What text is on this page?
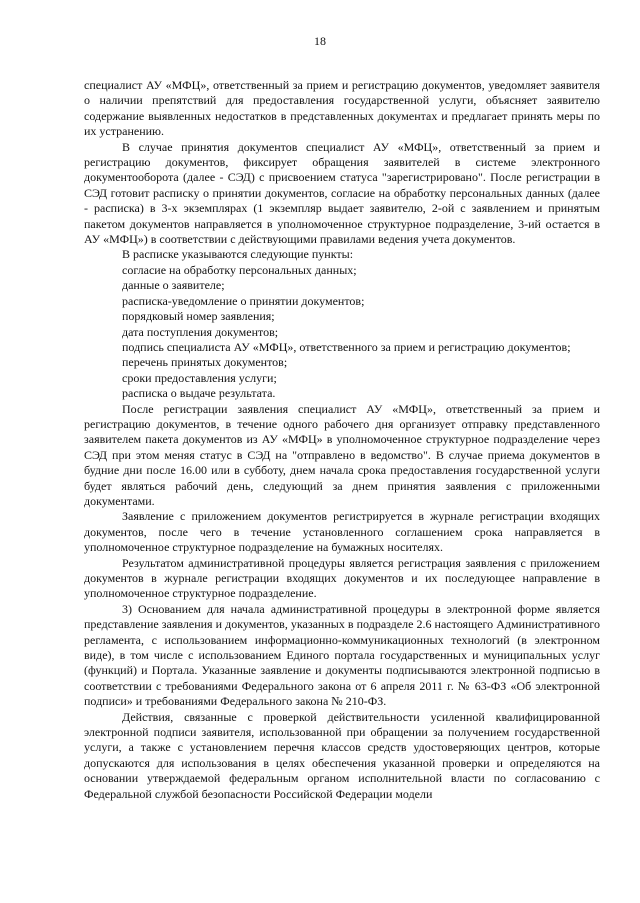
18

специалист АУ «МФЦ», ответственный за прием и регистрацию документов, уведомляет заявителя о наличии препятствий для предоставления государственной услуги, объясняет заявителю содержание выявленных недостатков в представленных документах и предлагает принять меры по их устранению.

В случае принятия документов специалист АУ «МФЦ», ответственный за прием и регистрацию документов, фиксирует обращения заявителей в системе электронного документооборота (далее - СЭД) с присвоением статуса "зарегистрировано". После регистрации в СЭД готовит расписку о принятии документов, согласие на обработку персональных данных (далее - расписка) в 3-х экземплярах (1 экземпляр выдает заявителю, 2-ой с заявлением и принятым пакетом документов направляется в уполномоченное структурное подразделение, 3-ий остается в АУ «МФЦ») в соответствии с действующими правилами ведения учета документов.

В расписке указываются следующие пункты:

согласие на обработку персональных данных;

данные о заявителе;

расписка-уведомление о принятии документов;

порядковый номер заявления;

дата поступления документов;

подпись специалиста АУ «МФЦ», ответственного за прием и регистрацию документов;

перечень принятых документов;

сроки предоставления услуги;

расписка о выдаче результата.

После регистрации заявления специалист АУ «МФЦ», ответственный за прием и регистрацию документов, в течение одного рабочего дня организует отправку представленного заявителем пакета документов из АУ «МФЦ» в уполномоченное структурное подразделение через СЭД при этом меняя статус в СЭД на "отправлено в ведомство". В случае приема документов в будние дни после 16.00 или в субботу, днем начала срока предоставления государственной услуги будет являться рабочий день, следующий за днем принятия заявления с приложенными документами.

Заявление с приложением документов регистрируется в журнале регистрации входящих документов, после чего в течение установленного соглашением срока направляется в уполномоченное структурное подразделение на бумажных носителях.

Результатом административной процедуры является регистрация заявления с приложением документов в журнале регистрации входящих документов и их последующее направление в уполномоченное структурное подразделение.

3) Основанием для начала административной процедуры в электронной форме является представление заявления и документов, указанных в подразделе 2.6 настоящего Административного регламента, с использованием информационно-коммуникационных технологий (в электронном виде), в том числе с использованием Единого портала государственных и муниципальных услуг (функций) и Портала. Указанные заявление и документы подписываются электронной подписью в соответствии с требованиями Федерального закона от 6 апреля 2011 г. № 63-ФЗ «Об электронной подписи» и требованиями Федерального закона № 210-ФЗ.

Действия, связанные с проверкой действительности усиленной квалифицированной электронной подписи заявителя, использованной при обращении за получением государственной услуги, а также с установлением перечня классов средств удостоверяющих центров, которые допускаются для использования в целях обеспечения указанной проверки и определяются на основании утверждаемой федеральным органом исполнительной власти по согласованию с Федеральной службой безопасности Российской Федерации модели
